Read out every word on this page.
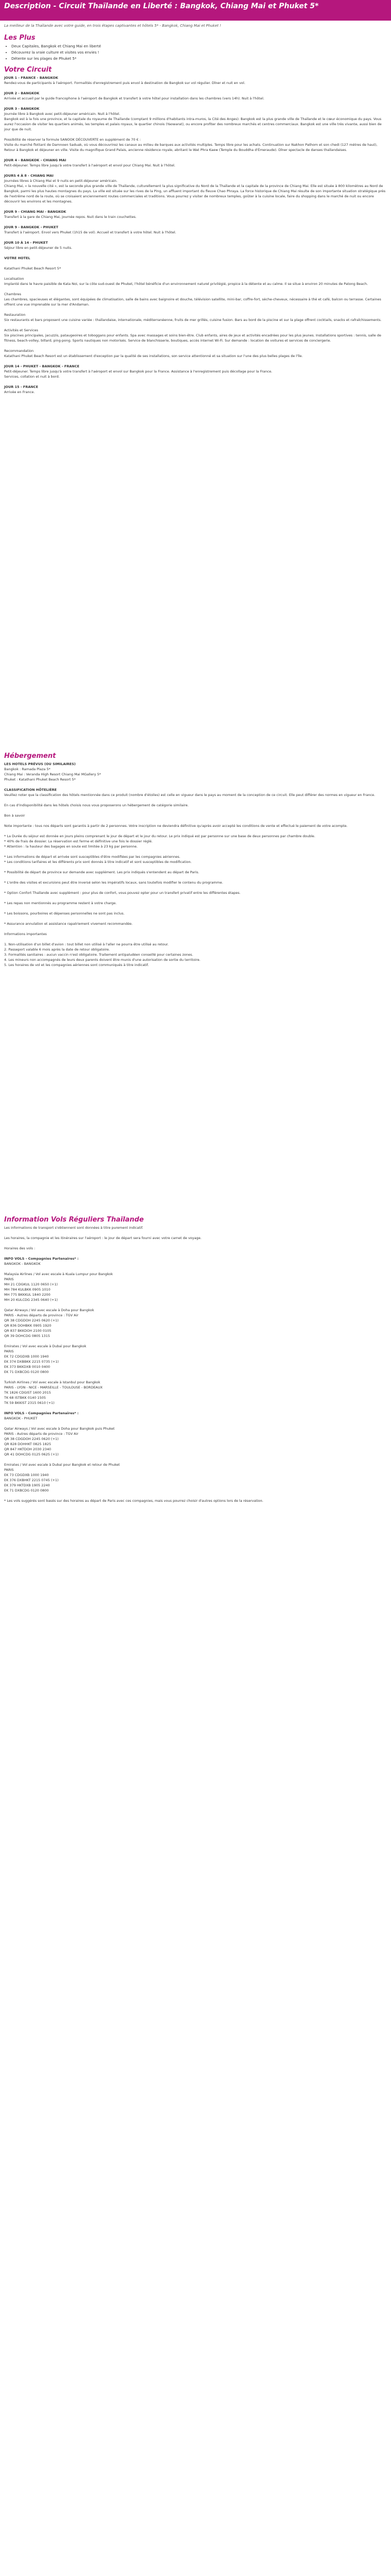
Description - Circuit Thaïlande en Liberté : Bangkok, Chiang Mai et Phuket 5*
La meilleur de la Thaïlande avec votre guide, en trois étapes captivantes et hôtels 5* - Bangkok, Chiang Mai et Phuket !
Les Plus
• Deux Capitales, Bangkok et Chiang Mai en liberté
• Découvrez la vraie culture et visites vos envies !
• Détente sur les plages de Phuket 5*
Votre Circuit
JOUR 1 - FRANCE - BANGKOK
Rendez-vous de participants à l'aéroport. Formalités d'enregistrement puis envol à destination de Bangkok sur vol régulier. Dîner et nuit en vol.

JOUR 2 - BANGKOK
Arrivée et accueil par le guide francophone à l'aéroport de Bangkok et transfert à votre hôtel pour installation dans les chambres (vers 14h). Nuit à l'hôtel.

JOUR 3 - BANGKOK
Journée libre à Bangkok avec petit-déjeuner américain. Nuit à l'hôtel.
Bangkok est à la fois une province, et la capitale du royaume de Thaïlande (comptant 9 millions d'habitants intra-muros, la Cité des Anges). Bangkok est la plus grande ville de Thaïlande et le cœur économique du pays. Vous aurez l'occasion de visiter les quartiers animés, les temples et palais royaux, le quartier chinois (Yaowarat), ou encore profiter des nombreux marchés et centres commerciaux. Bangkok est une ville très vivante, aussi bien de jour que de nuit.

Possibilité de réserver la formule SANOOK DÉCOUVERTE en supplément de 70 € :
Visite du marché flottant de Damnoen Saduak, où vous découvrirez les canaux au milieu de barques aux activités multiples. Temps libre pour les achats. Continuation sur Nakhon Pathom et son chedi (127 mètres de haut), Retour à Bangkok et déjeuner en ville. Visite du magnifique Grand Palais, ancienne résidence royale, abritant le Wat Phra Kaew (Temple du Bouddha d'Émeraude). Dîner spectacle de danses thaïlandaises.

JOUR 4 - BANGKOK - CHIANG MAI
Petit-déjeuner. Temps libre jusqu'à votre transfert à l'aéroport et envol pour Chiang Mai. Nuit à l'hôtel.

JOURS 4 À 8 - CHIANG MAI
Journées libres à Chiang Mai et 9 nuits en petit-déjeuner américain.
Chiang Mai, « la nouvelle cité », est la seconde plus grande ville de Thaïlande, culturellement la plus significative du Nord de la Thaïlande et la capitale de la province de Chiang Mai. Elle est située à 800 kilomètres au Nord de Bangkok, parmi les plus hautes montagnes du pays. La ville est située sur les rives de la Ping, un affluent important du fleuve Chao Phraya. La force historique de Chiang Mai résulte de son importante situation stratégique près de l'extrême nord de la route, où se croisaient anciennement routes commerciales et traditions. Vous pourrez y visiter de nombreux temples, goûter à la cuisine locale, faire du shopping dans le marché de nuit ou encore découvrir les environs et les montagnes.

JOUR 9 - CHIANG MAI - BANGKOK
Transfert à la gare de Chiang Mai, journée repos. Nuit dans le train couchettes.

JOUR 9 - BANGKOK - PHUKET
Transfert à l'aéroport. Envol vers Phuket (1h15 de vol). Accueil et transfert à votre hôtel. Nuit à l'hôtel.

JOUR 10 À 14 - PHUKET
Séjour libre en petit-déjeuner de 5 nuits.

VOTRE HOTEL

Katathani Phuket Beach Resort 5*

Localisation
Implanté dans le havre paisible de Kata Noi, sur la côte sud-ouest de Phuket, l'hôtel bénéficie d'un environnement naturel privilégié, propice à la détente et au calme. Il se situe à environ 20 minutes de Patong Beach.

Chambres
Les chambres, spacieuses et élégantes, sont équipées de climatisation, salle de bains avec baignoire et douche, télévision satellite, mini-bar, coffre-fort, sèche-cheveux, nécessaire à thé et café, balcon ou terrasse. Certaines offrent une vue imprenable sur la mer d'Andaman.

Restauration
Six restaurants et bars proposent une cuisine variée : thaïlandaise, internationale, méditerranéenne, fruits de mer grillés, cuisine fusion. Bars au bord de la piscine et sur la plage offrent cocktails, snacks et rafraîchissements.

Activités et Services
Six piscines principales, jacuzzis, pataugeoires et toboggans pour enfants. Spa avec massages et soins bien-être. Club enfants, aires de jeux et activités encadrées pour les plus jeunes. Installations sportives : tennis, salle de fitness, beach-volley, billard, ping-pong. Sports nautiques non motorisés. Service de blanchisserie, boutiques, accès internet Wi-Fi. Sur demande : location de voitures et services de conciergerie.

Recommandation
Katathani Phuket Beach Resort est un établissement d'exception par la qualité de ses installations, son service attentionné et sa situation sur l'une des plus belles plages de l'île.

JOUR 14 - PHUKET - BANGKOK - FRANCE
Petit-déjeuner. Temps libre jusqu'à votre transfert à l'aéroport et envol sur Bangkok pour la France. Assistance à l'enregistrement puis décollage pour la France.
Services, collation et nuit à bord.

JOUR 15 - FRANCE
Arrivée en France.
Hébergement
LES HOTELS PRÉVUS (OU SIMILAIRES)
Bangkok : Ramada Plaza 5*
Chiang Mai : Veranda High Resort Chiang Mai MGallery 5*
Phuket : Katathani Phuket Beach Resort 5*

CLASSIFICATION HÔTELIÈRE
Veuillez noter que la classification des hôtels mentionnée dans ce produit (nombre d'étoiles) est celle en vigueur dans le pays au moment de la conception de ce circuit. Elle peut différer des normes en vigueur en France.

En cas d'indisponibilité dans les hôtels choisis nous vous proposerons un hébergement de catégorie similaire.

Bon à savoir

Note importante : tous nos départs sont garantis à partir de 2 personnes. Votre inscription ne deviendra définitive qu'après avoir accepté les conditions de vente et effectué le paiement de votre acompte.

* La Durée du séjour est donnée en jours pleins comprenant le jour de départ et le jour du retour. Le prix indiqué est par personne sur une base de deux personnes par chambre double.
* 40% de frais de dossier. La réservation est ferme et définitive une fois le dossier réglé.
* Attention : la hauteur des bagages en soute est limitée à 23 kg par personne.

* Les informations de départ et arrivée sont susceptibles d'être modifiées par les compagnies aériennes.
* Les conditions tarifaires et les différents prix sont donnés à titre indicatif et sont susceptibles de modification.

* Possibilité de départ de province sur demande avec supplément. Les prix indiqués s'entendent au départ de Paris.

* L'ordre des visites et excursions peut être inversé selon les impératifs locaux, sans toutefois modifier le contenu du programme.

* Option Confort Thaïlande avec supplément : pour plus de confort, vous pouvez opter pour un transfert privatif entre les différentes étapes.

* Les repas non mentionnés au programme restent à votre charge.

* Les boissons, pourboires et dépenses personnelles ne sont pas inclus.

* Assurance annulation et assistance rapatriement vivement recommandée.

Informations importantes

1. Non-utilisation d'un billet d'avion : tout billet non utilisé à l'aller ne pourra être utilisé au retour.
2. Passeport valable 6 mois après la date de retour obligatoire.
3. Formalités sanitaires : aucun vaccin n'est obligatoire. Traitement antipaludéen conseillé pour certaines zones.
4. Les mineurs non accompagnés de leurs deux parents doivent être munis d'une autorisation de sortie du territoire.
5. Les horaires de vol et les compagnies aériennes sont communiqués à titre indicatif.
Information Vols Réguliers Thaïlande
Les informations de transport s'obtiennent sont données à titre purement indicatif.

Les horaires, la compagnie et les itinéraires sur l'aéroport : le jour de départ sera fourni avec votre carnet de voyage.

Horaires des vols :

INFO VOLS - Compagnies Partenaires* :
BANGKOK - BANGKOK

Malaysia Airlines / Vol avec escale à Kuala Lumpur pour Bangkok
PARIS
MH 21 CDGKUL 1120 0650 (+1)
MH 784 KULBKK 0905 1010
MH 775 BKKKUL 1840 2200
MH 20 KULCDG 2345 0640 (+1)

Qatar Airways / Vol avec escale à Doha pour Bangkok
PARIS - Autres départs de province : TGV Air
QR 38 CDGDOH 2245 0620 (+1)
QR 836 DOHBKK 0905 1920
QR 837 BKKDOH 2100 0105
QR 39 DOHCDG 0805 1315

Emirates / Vol avec escale à Dubaï pour Bangkok
PARIS
EK 72 CDGDXB 1000 1940
EK 374 DXBBKK 2215 0735 (+1)
EK 373 BKKDXB 0010 0400
EK 71 DXBCDG 0120 0800

Turkish Airlines / Vol avec escale à Istanbul pour Bangkok
PARIS - LYON - NICE - MARSEILLE - TOULOUSE - BORDEAUX
TK 1826 CDGIST 1600 2015
TK 68 ISTBKK 0140 1505
TK 59 BKKIST 2315 0610 (+1)

INFO VOLS - Compagnies Partenaires* :
BANGKOK - PHUKET

Qatar Airways / Vol avec escale à Doha pour Bangkok puis Phuket
PARIS - Autres départs de province : TGV Air
QR 38 CDGDOH 2245 0620 (+1)
QR 828 DOHHKT 0825 1825
QR 847 HKTDOH 2030 2340
QR 41 DOHCDG 0125 0625 (+1)

Emirates / Vol avec escale à Dubaï pour Bangkok et retour de Phuket
PARIS
EK 73 CDGDXB 1000 1940
EK 376 DXBHKT 2215 0745 (+1)
EK 379 HKTDXB 1905 2240
EK 71 DXBCDG 0120 0800

* Les vols suggérés sont basés sur des horaires au départ de Paris avec ces compagnies, mais vous pourrez choisir d'autres options lors de la réservation.
